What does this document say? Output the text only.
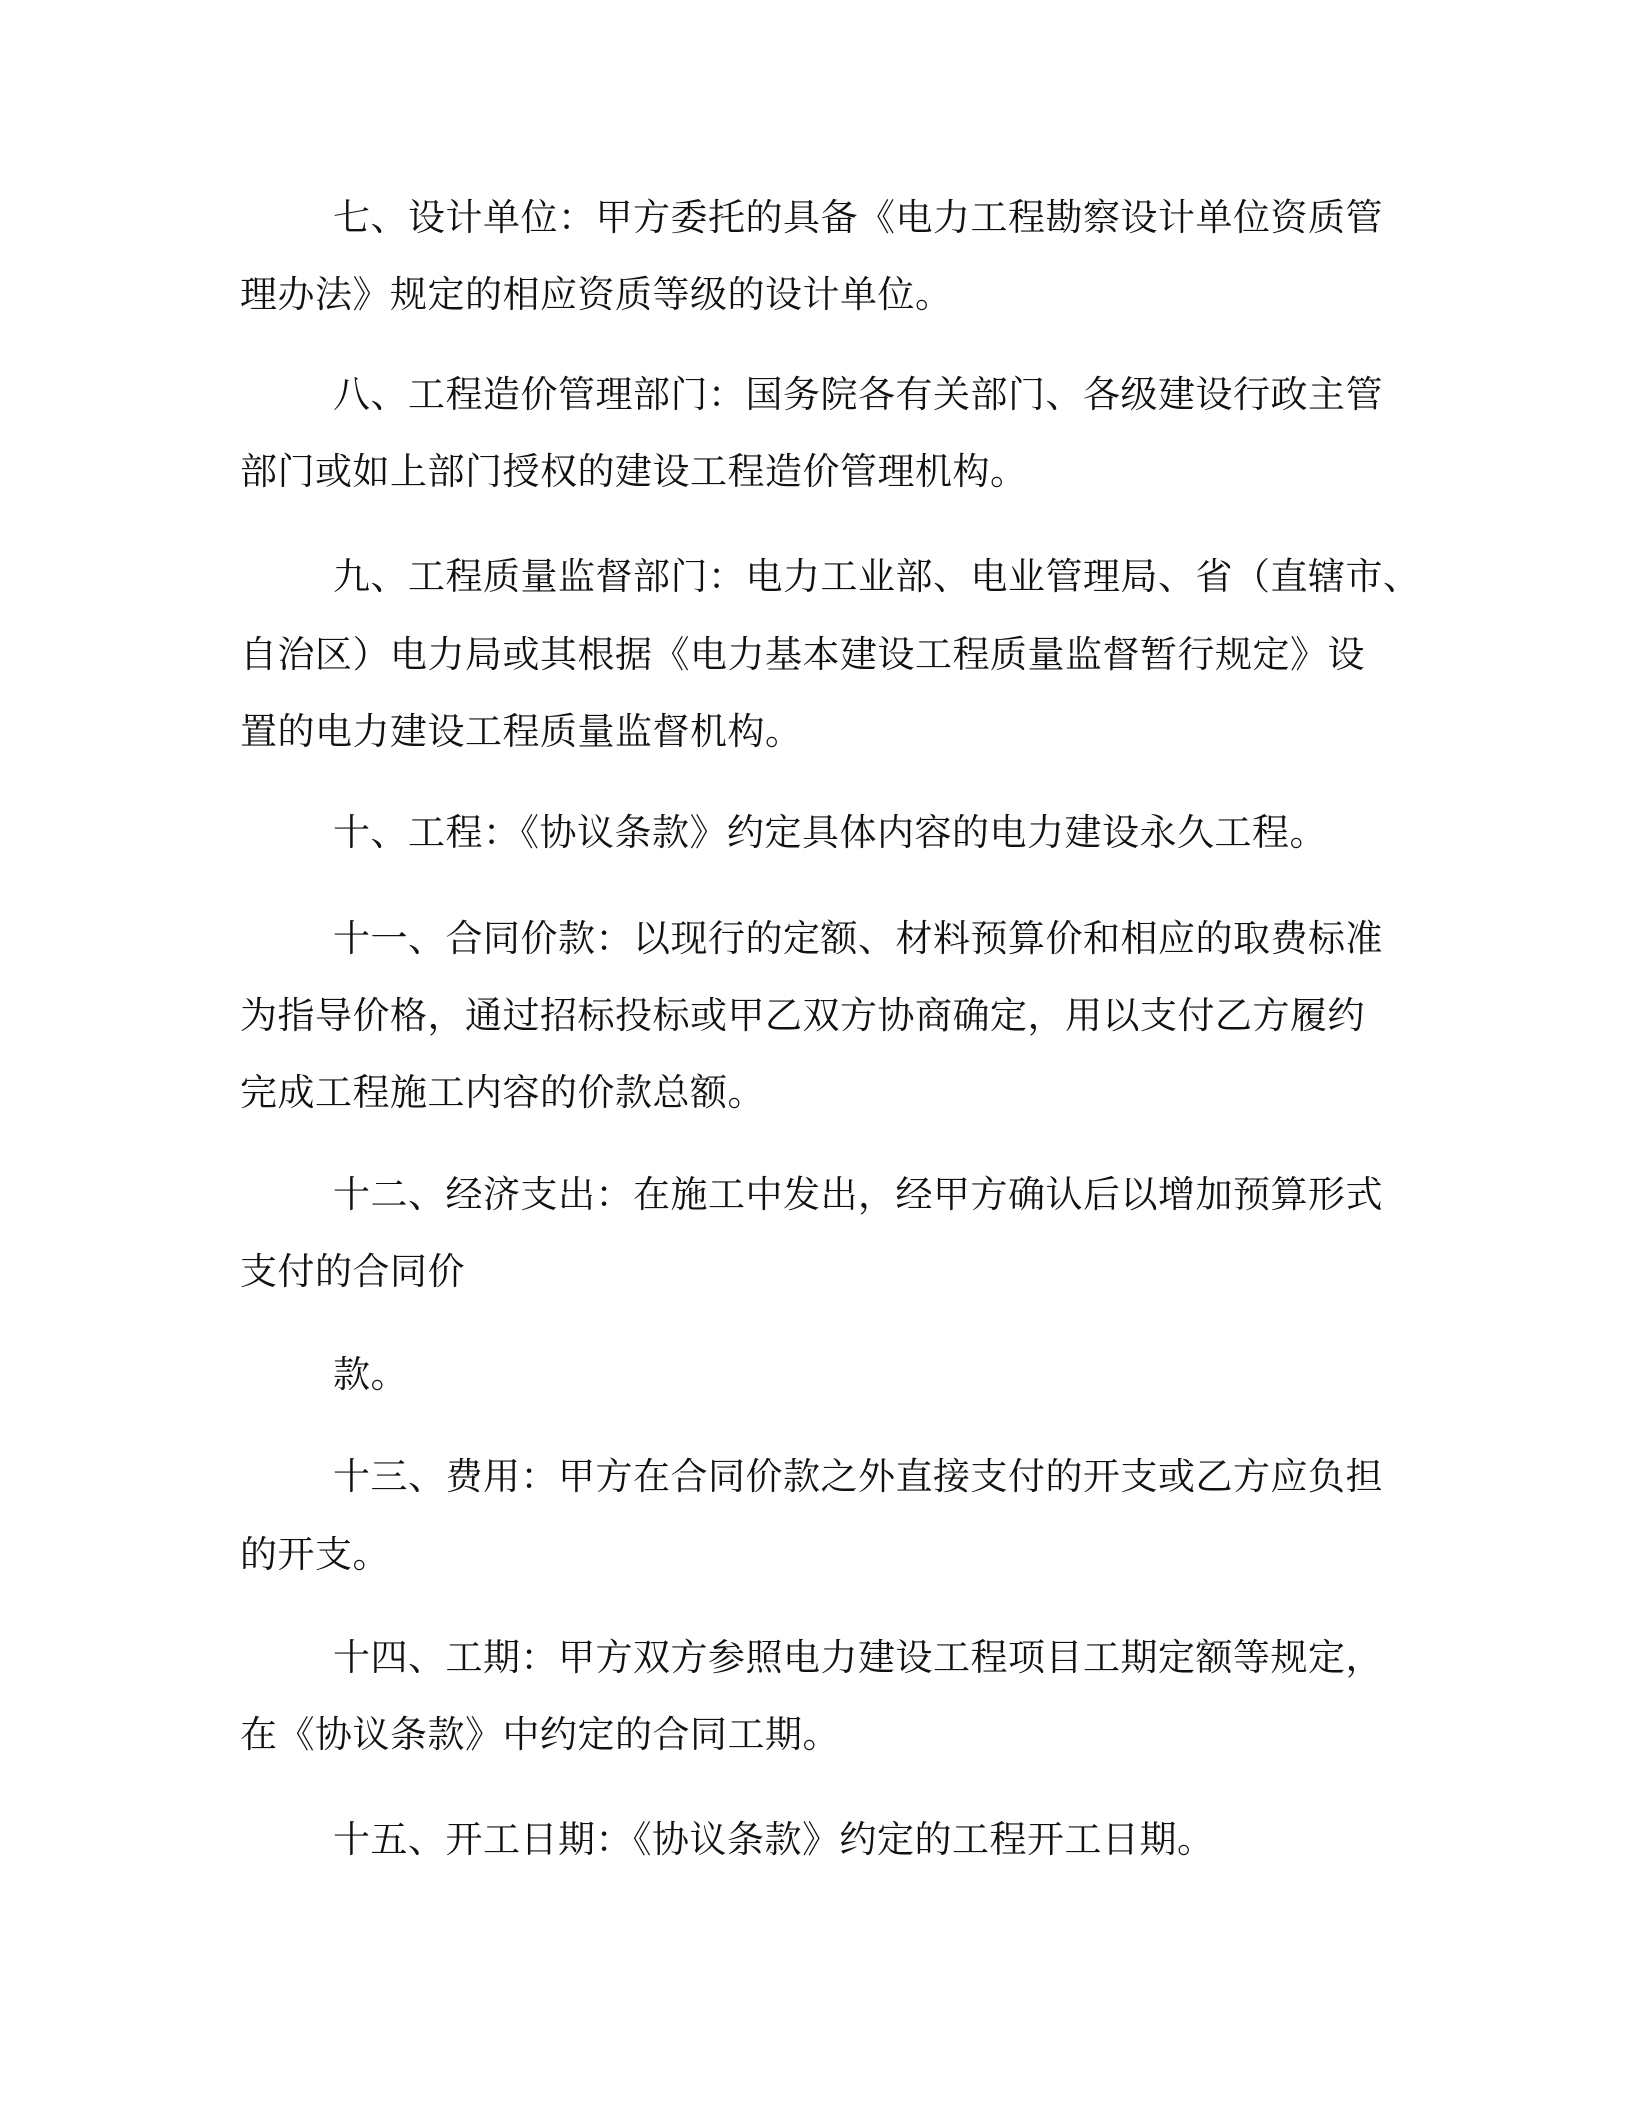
七、设计单位：甲方委托的具备《电力工程勘察设计单位资质管
理办法》规定的相应资质等级的设计单位。
八、工程造价管理部门：国务院各有关部门、各级建设行政主管
部门或如上部门授权的建设工程造价管理机构。
九、工程质量监督部门：电力工业部、电业管理局、省（直辖市、
自治区）电力局或其根据《电力基本建设工程质量监督暂行规定》设
置的电力建设工程质量监督机构。
十、工程：《协议条款》约定具体内容的电力建设永久工程。
十一、合同价款：以现行的定额、材料预算价和相应的取费标准
为指导价格，通过招标投标或甲乙双方协商确定，用以支付乙方履约
完成工程施工内容的价款总额。
十二、经济支出：在施工中发出，经甲方确认后以增加预算形式
支付的合同价
款。
十三、费用：甲方在合同价款之外直接支付的开支或乙方应负担
的开支。
十四、工期：甲方双方参照电力建设工程项目工期定额等规定，
在《协议条款》中约定的合同工期。
十五、开工日期：《协议条款》约定的工程开工日期。
